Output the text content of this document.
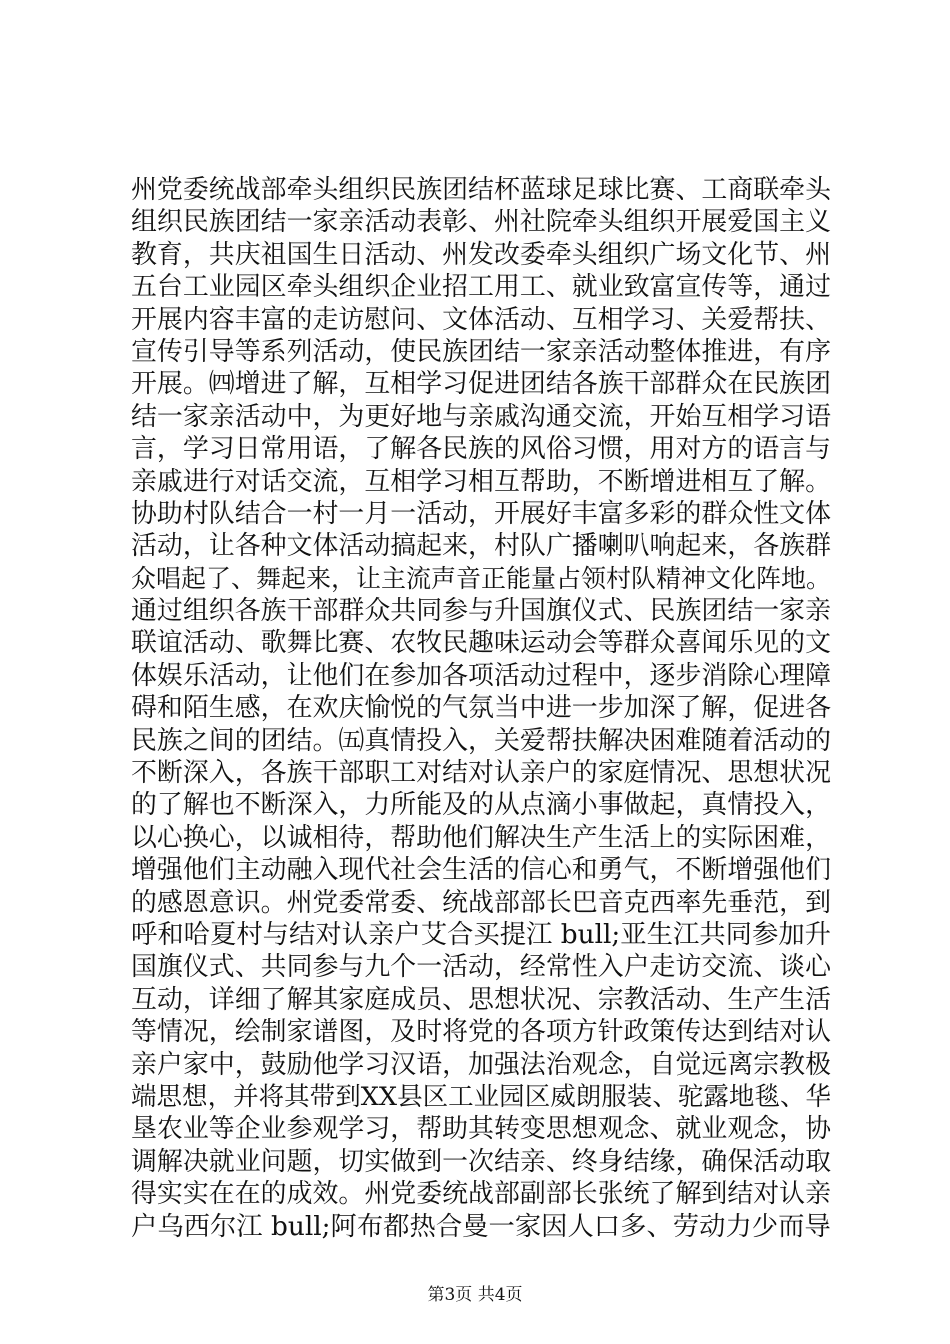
州党委统战部牵头组织民族团结杯蓝球足球比赛、工商联牵头
组织民族团结一家亲活动表彰、州社院牵头组织开展爱国主义
教育，共庆祖国生日活动、州发改委牵头组织广场文化节、州
五台工业园区牵头组织企业招工用工、就业致富宣传等，通过
开展内容丰富的走访慰问、文体活动、互相学习、关爱帮扶、
宣传引导等系列活动，使民族团结一家亲活动整体推进，有序
开展。㈣增进了解，互相学习促进团结各族干部群众在民族团
结一家亲活动中，为更好地与亲戚沟通交流，开始互相学习语
言，学习日常用语，了解各民族的风俗习惯，用对方的语言与
亲戚进行对话交流，互相学习相互帮助，不断增进相互了解。
协助村队结合一村一月一活动，开展好丰富多彩的群众性文体
活动，让各种文体活动搞起来，村队广播喇叭响起来，各族群
众唱起了、舞起来，让主流声音正能量占领村队精神文化阵地。
通过组织各族干部群众共同参与升国旗仪式、民族团结一家亲
联谊活动、歌舞比赛、农牧民趣味运动会等群众喜闻乐见的文
体娱乐活动，让他们在参加各项活动过程中，逐步消除心理障
碍和陌生感，在欢庆愉悦的气氛当中进一步加深了解，促进各
民族之间的团结。㈤真情投入，关爱帮扶解决困难随着活动的
不断深入，各族干部职工对结对认亲户的家庭情况、思想状况
的了解也不断深入，力所能及的从点滴小事做起，真情投入，
以心换心，以诚相待，帮助他们解决生产生活上的实际困难，
增强他们主动融入现代社会生活的信心和勇气，不断增强他们
的感恩意识。州党委常委、统战部部长巴音克西率先垂范，到
呼和哈夏村与结对认亲户艾合买提江 bull;亚生江共同参加升
国旗仪式、共同参与九个一活动，经常性入户走访交流、谈心
互动，详细了解其家庭成员、思想状况、宗教活动、生产生活
等情况，绘制家谱图，及时将党的各项方针政策传达到结对认
亲户家中，鼓励他学习汉语，加强法治观念，自觉远离宗教极
端思想，并将其带到XX县区工业园区威朗服装、驼露地毯、华
垦农业等企业参观学习，帮助其转变思想观念、就业观念，协
调解决就业问题，切实做到一次结亲、终身结缘，确保活动取
得实实在在的成效。州党委统战部副部长张统了解到结对认亲
户乌西尔江 bull;阿布都热合曼一家因人口多、劳动力少而导
第3页 共4页
